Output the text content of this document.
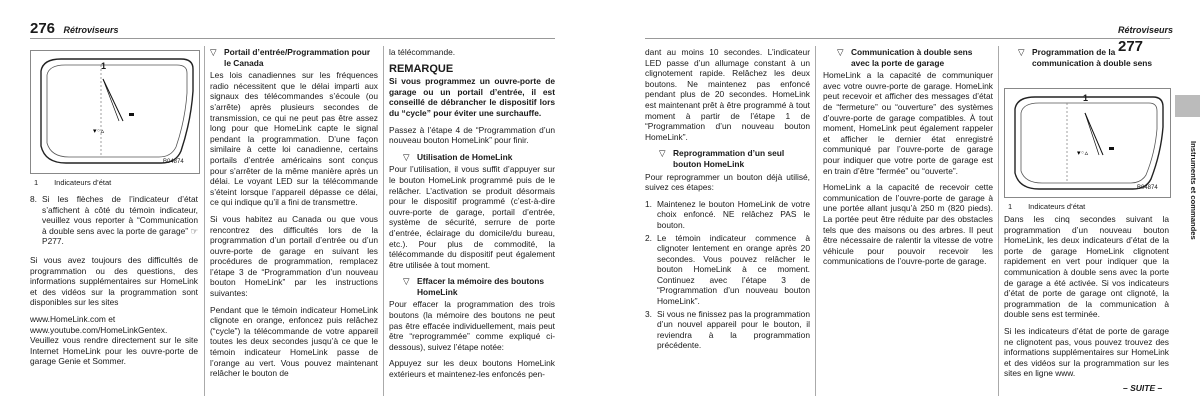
276 Rétroviseurs
▾◦▵
1
B04874
1 Indicateurs d’état
8. Si les flèches de l’indicateur d’état s’affichent à côté du témoin indicateur, veuillez vous reporter à “Communication à double sens avec la porte de garage” ☞P277.

Si vous avez toujours des difficultés de programmation ou des questions, des informations supplémentaires sur HomeLink et des vidéos sur la programmation sont disponibles sur les sites

www.HomeLink.com et
www.youtube.com/HomeLinkGentex.

Veuillez vous rendre directement sur le site Internet HomeLink pour les ouvre-porte de garage Genie et Sommer.

▽ Portail d’entrée/Programmation pour le Canada

Les lois canadiennes sur les fréquences radio nécessitent que le délai imparti aux signaux des télécommandes s’écoule (ou s’arrête) après plusieurs secondes de transmission, ce qui ne peut pas être assez long pour que HomeLink capte le signal pendant la programmation. D’une façon similaire à cette loi canadienne, certains portails d’entrée américains sont conçus pour s’arrêter de la même manière après un délai. Le voyant LED sur la télécommande s’éteint lorsque l’appareil dépasse ce délai, ce qui indique qu’il a fini de transmettre.

Si vous habitez au Canada ou que vous rencontrez des difficultés lors de la programmation d’un portail d’entrée ou d’un ouvre-porte de garage en suivant les procédures de programmation, remplacez l’étape 3 de “Programmation d’un nouveau bouton HomeLink” par les instructions suivantes:

Pendant que le témoin indicateur HomeLink clignote en orange, enfoncez puis relâchez (“cycle”) la télécommande de votre appareil toutes les deux secondes jusqu’à ce que le témoin indicateur HomeLink passe de l’orange au vert. Vous pouvez maintenant relâcher le bouton de

la télécommande.

REMARQUE

Si vous programmez un ouvre-porte de garage ou un portail d’entrée, il est conseillé de débrancher le dispositif lors du “cycle” pour éviter une surchauffe.

Passez à l’étape 4 de “Programmation d’un nouveau bouton HomeLink” pour finir.

▽ Utilisation de HomeLink

Pour l’utilisation, il vous suffit d’appuyer sur le bouton HomeLink programmé puis de le relâcher. L’activation se produit désormais pour le dispositif programmé (c’est-à-dire ouvre-porte de garage, portail d’entrée, système de sécurité, serrure de porte d’entrée, éclairage du domicile/du bureau, etc.). Pour plus de commodité, la télécommande du dispositif peut également être utilisée à tout moment.

▽ Effacer la mémoire des boutons HomeLink

Pour effacer la programmation des trois boutons (la mémoire des boutons ne peut pas être effacée individuellement, mais peut être “reprogrammée” comme expliqué ci-dessous), suivez l’étape notée:

Appuyez sur les deux boutons HomeLink extérieurs et maintenez-les enfoncés pen-

Rétroviseurs 277

dant au moins 10 secondes. L’indicateur LED passe d’un allumage constant à un clignotement rapide. Relâchez les deux boutons. Ne maintenez pas enfoncé pendant plus de 20 secondes. HomeLink est maintenant prêt à être programmé à tout moment à partir de l’étape 1 de “Programmation d’un nouveau bouton HomeLink”.

▽ Reprogrammation d’un seul bouton HomeLink

Pour reprogrammer un bouton déjà utilisé, suivez ces étapes:

1. Maintenez le bouton HomeLink de votre choix enfoncé. NE relâchez PAS le bouton.
2. Le témoin indicateur commence à clignoter lentement en orange après 20 secondes. Vous pouvez relâcher le bouton HomeLink à ce moment. Continuez avec l’étape 3 de “Programmation d’un nouveau bouton HomeLink”.
3. Si vous ne finissez pas la programmation d’un nouvel appareil pour le bouton, il reviendra à la programmation précédente.
▽ Communication à double sens avec la porte de garage

HomeLink a la capacité de communiquer avec votre ouvre-porte de garage. HomeLink peut recevoir et afficher des messages d’état de “fermeture” ou “ouverture” des systèmes d’ouvre-porte de garage compatibles. À tout moment, HomeLink peut également rappeler et afficher le dernier état enregistré communiqué par l’ouvre-porte de garage pour indiquer que votre porte de garage est en train d’être “fermée” ou “ouverte”.

HomeLink a la capacité de recevoir cette communication de l’ouvre-porte de garage à une portée allant jusqu’à 250 m (820 pieds). La portée peut être réduite par des obstacles tels que des maisons ou des arbres. Il peut être nécessaire de ralentir la vitesse de votre véhicule pour pouvoir recevoir les communications de l’ouvre-porte de garage.

▽ Programmation de la communication à double sens
▾◦▵
1
B04874
1 Indicateurs d’état

Dans les cinq secondes suivant la programmation d’un nouveau bouton HomeLink, les deux indicateurs d’état de la porte de garage HomeLink clignotent rapidement en vert pour indiquer que la communication à double sens avec la porte de garage a été activée. Si vos indicateurs d’état de porte de garage ont clignoté, la programmation de la communication à double sens est terminée.

Si les indicateurs d’état de porte de garage ne clignotent pas, vous pouvez trouvez des informations supplémentaires sur HomeLink et des vidéos sur la programmation sur les sites en ligne www.

– SUITE –
Instruments et commandes
